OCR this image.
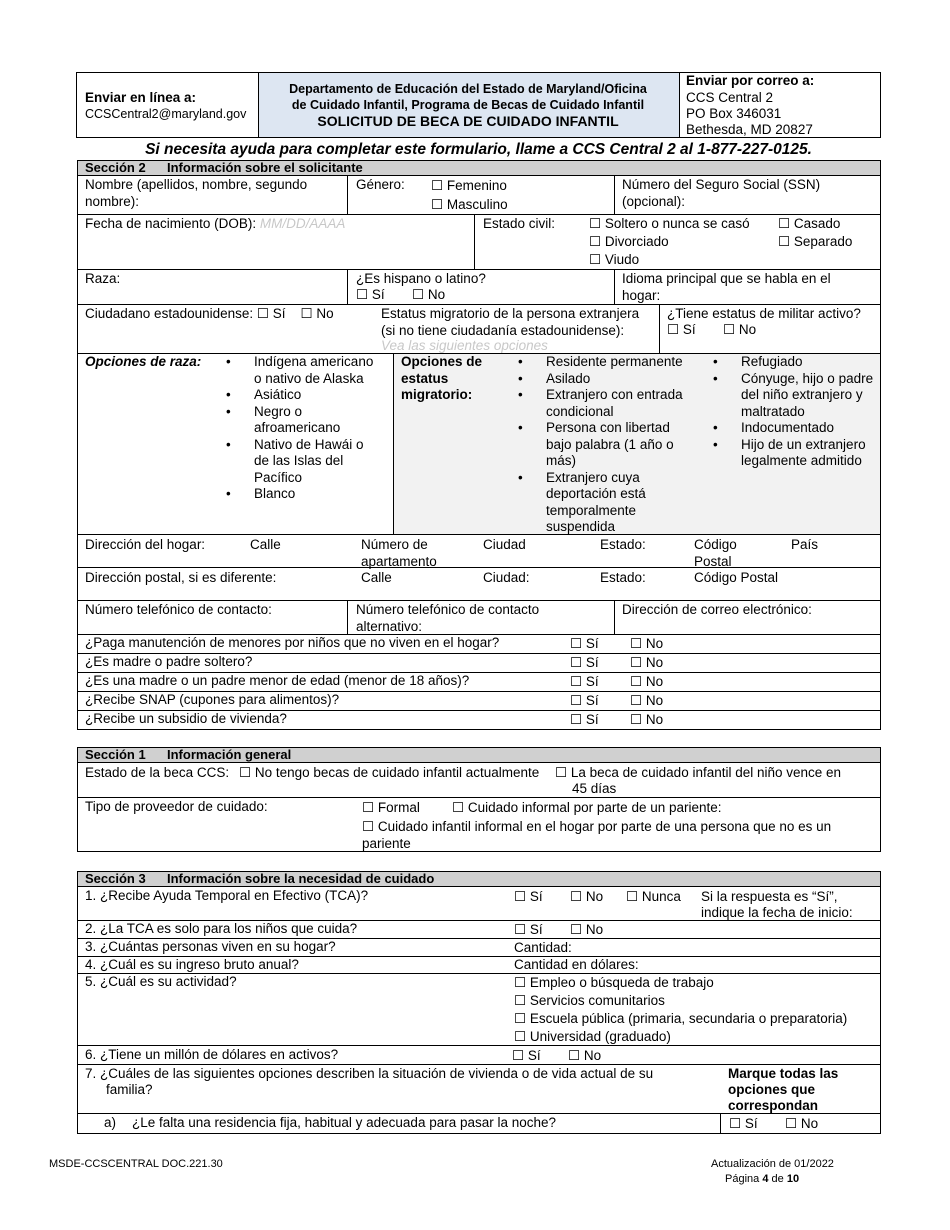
Enviar en línea a:
CCSCentral2@maryland.gov
Departamento de Educación del Estado de Maryland/Oficina
de Cuidado Infantil, Programa de Becas de Cuidado Infantil
SOLICITUD DE BECA DE CUIDADO INFANTIL
Enviar por correo a:
CCS Central 2
PO Box 346031
Bethesda, MD 20827
Si necesita ayuda para completar este formulario, llame a CCS Central 2 al 1-877-227-0125.
Sección 2 Información sobre el solicitante
Nombre (apellidos, nombre, segundo nombre):
Género: ☐ Femenino
☐ Masculino
Número del Seguro Social (SSN) (opcional):
Fecha de nacimiento (DOB): MM/DD/AAAA	Estado civil:	☐ Soltero o nunca se casó ☐ Casado
☐ Divorciado	☐ Separado
☐ Viudo
Raza:	¿Es hispano o latino?
☐ Sí ☐ No
Idioma principal que se habla en el hogar:
Ciudadano estadounidense: ☐ Sí    ☐ No	Estatus migratorio de la persona extranjera (si no tiene ciudadanía estadounidense):
Vea las siguientes opciones
¿Tiene estatus de militar activo?
☐ Sí ☐ No
Opciones de raza:
•	Indígena americano o nativo de Alaska
• Asiático
• Negro o afroamericano
• Nativo de Hawái o de las Islas del Pacífico
• Blanco
Opciones de estatus migratorio:
• Residente permanente
• Asilado
• Extranjero con entrada condicional
• Persona con libertad bajo palabra (1 año o más)
• Extranjero cuya deportación está temporalmente suspendida
• Refugiado
• Cónyuge, hijo o padre del niño extranjero y maltratado
• Indocumentado
• Hijo de un extranjero legalmente admitido
Dirección del hogar:	Calle	Número de apartamento
Ciudad	Estado:	Código Postal
País
Dirección postal, si es diferente:	Calle	Ciudad:	Estado:	Código Postal
Número telefónico de contacto:	Número telefónico de contacto alternativo:
Dirección de correo electrónico:
¿Paga manutención de menores por niños que no viven en el hogar?	☐ Sí ☐ No
¿Es madre o padre soltero?	☐ Sí ☐ No
¿Es una madre o un padre menor de edad (menor de 18 años)?	☐ Sí ☐ No
¿Recibe SNAP (cupones para alimentos)?	☐ Sí ☐ No
¿Recibe un subsidio de vivienda?	☐ Sí ☐ No
Sección 1 Información general
Estado de la beca CCS: ☐ No tengo becas de cuidado infantil actualmente ☐ La beca de cuidado infantil del niño vence en
45 días
Tipo de proveedor de cuidado:	☐ Formal ☐ Cuidado informal por parte de un pariente:
☐ Cuidado infantil informal en el hogar por parte de una persona que no es un
pariente
Sección 3 Información sobre la necesidad de cuidado
1. ¿Recibe Ayuda Temporal en Efectivo (TCA)?	☐ Sí ☐ No ☐ Nunca Si la respuesta es “Sí”,
indique la fecha de inicio:
2. ¿La TCA es solo para los niños que cuida?	☐ Sí ☐ No
3. ¿Cuántas personas viven en su hogar?	Cantidad:
4. ¿Cuál es su ingreso bruto anual?	Cantidad en dólares:
5. ¿Cuál es su actividad?	☐ Empleo o búsqueda de trabajo
☐ Servicios comunitarios
☐ Escuela pública (primaria, secundaria o preparatoria)
☐ Universidad (graduado)
6. ¿Tiene un millón de dólares en activos?	☐ Sí ☐ No
7. ¿Cuáles de las siguientes opciones describen la situación de vivienda o de vida actual de su
familia?
Marque todas las
opciones que
correspondan
a) ¿Le falta una residencia fija, habitual y adecuada para pasar la noche?	☐ Sí ☐ No
MSDE-CCSCENTRAL DOC.221.30	Actualización de 01/2022
Página 4 de 10
